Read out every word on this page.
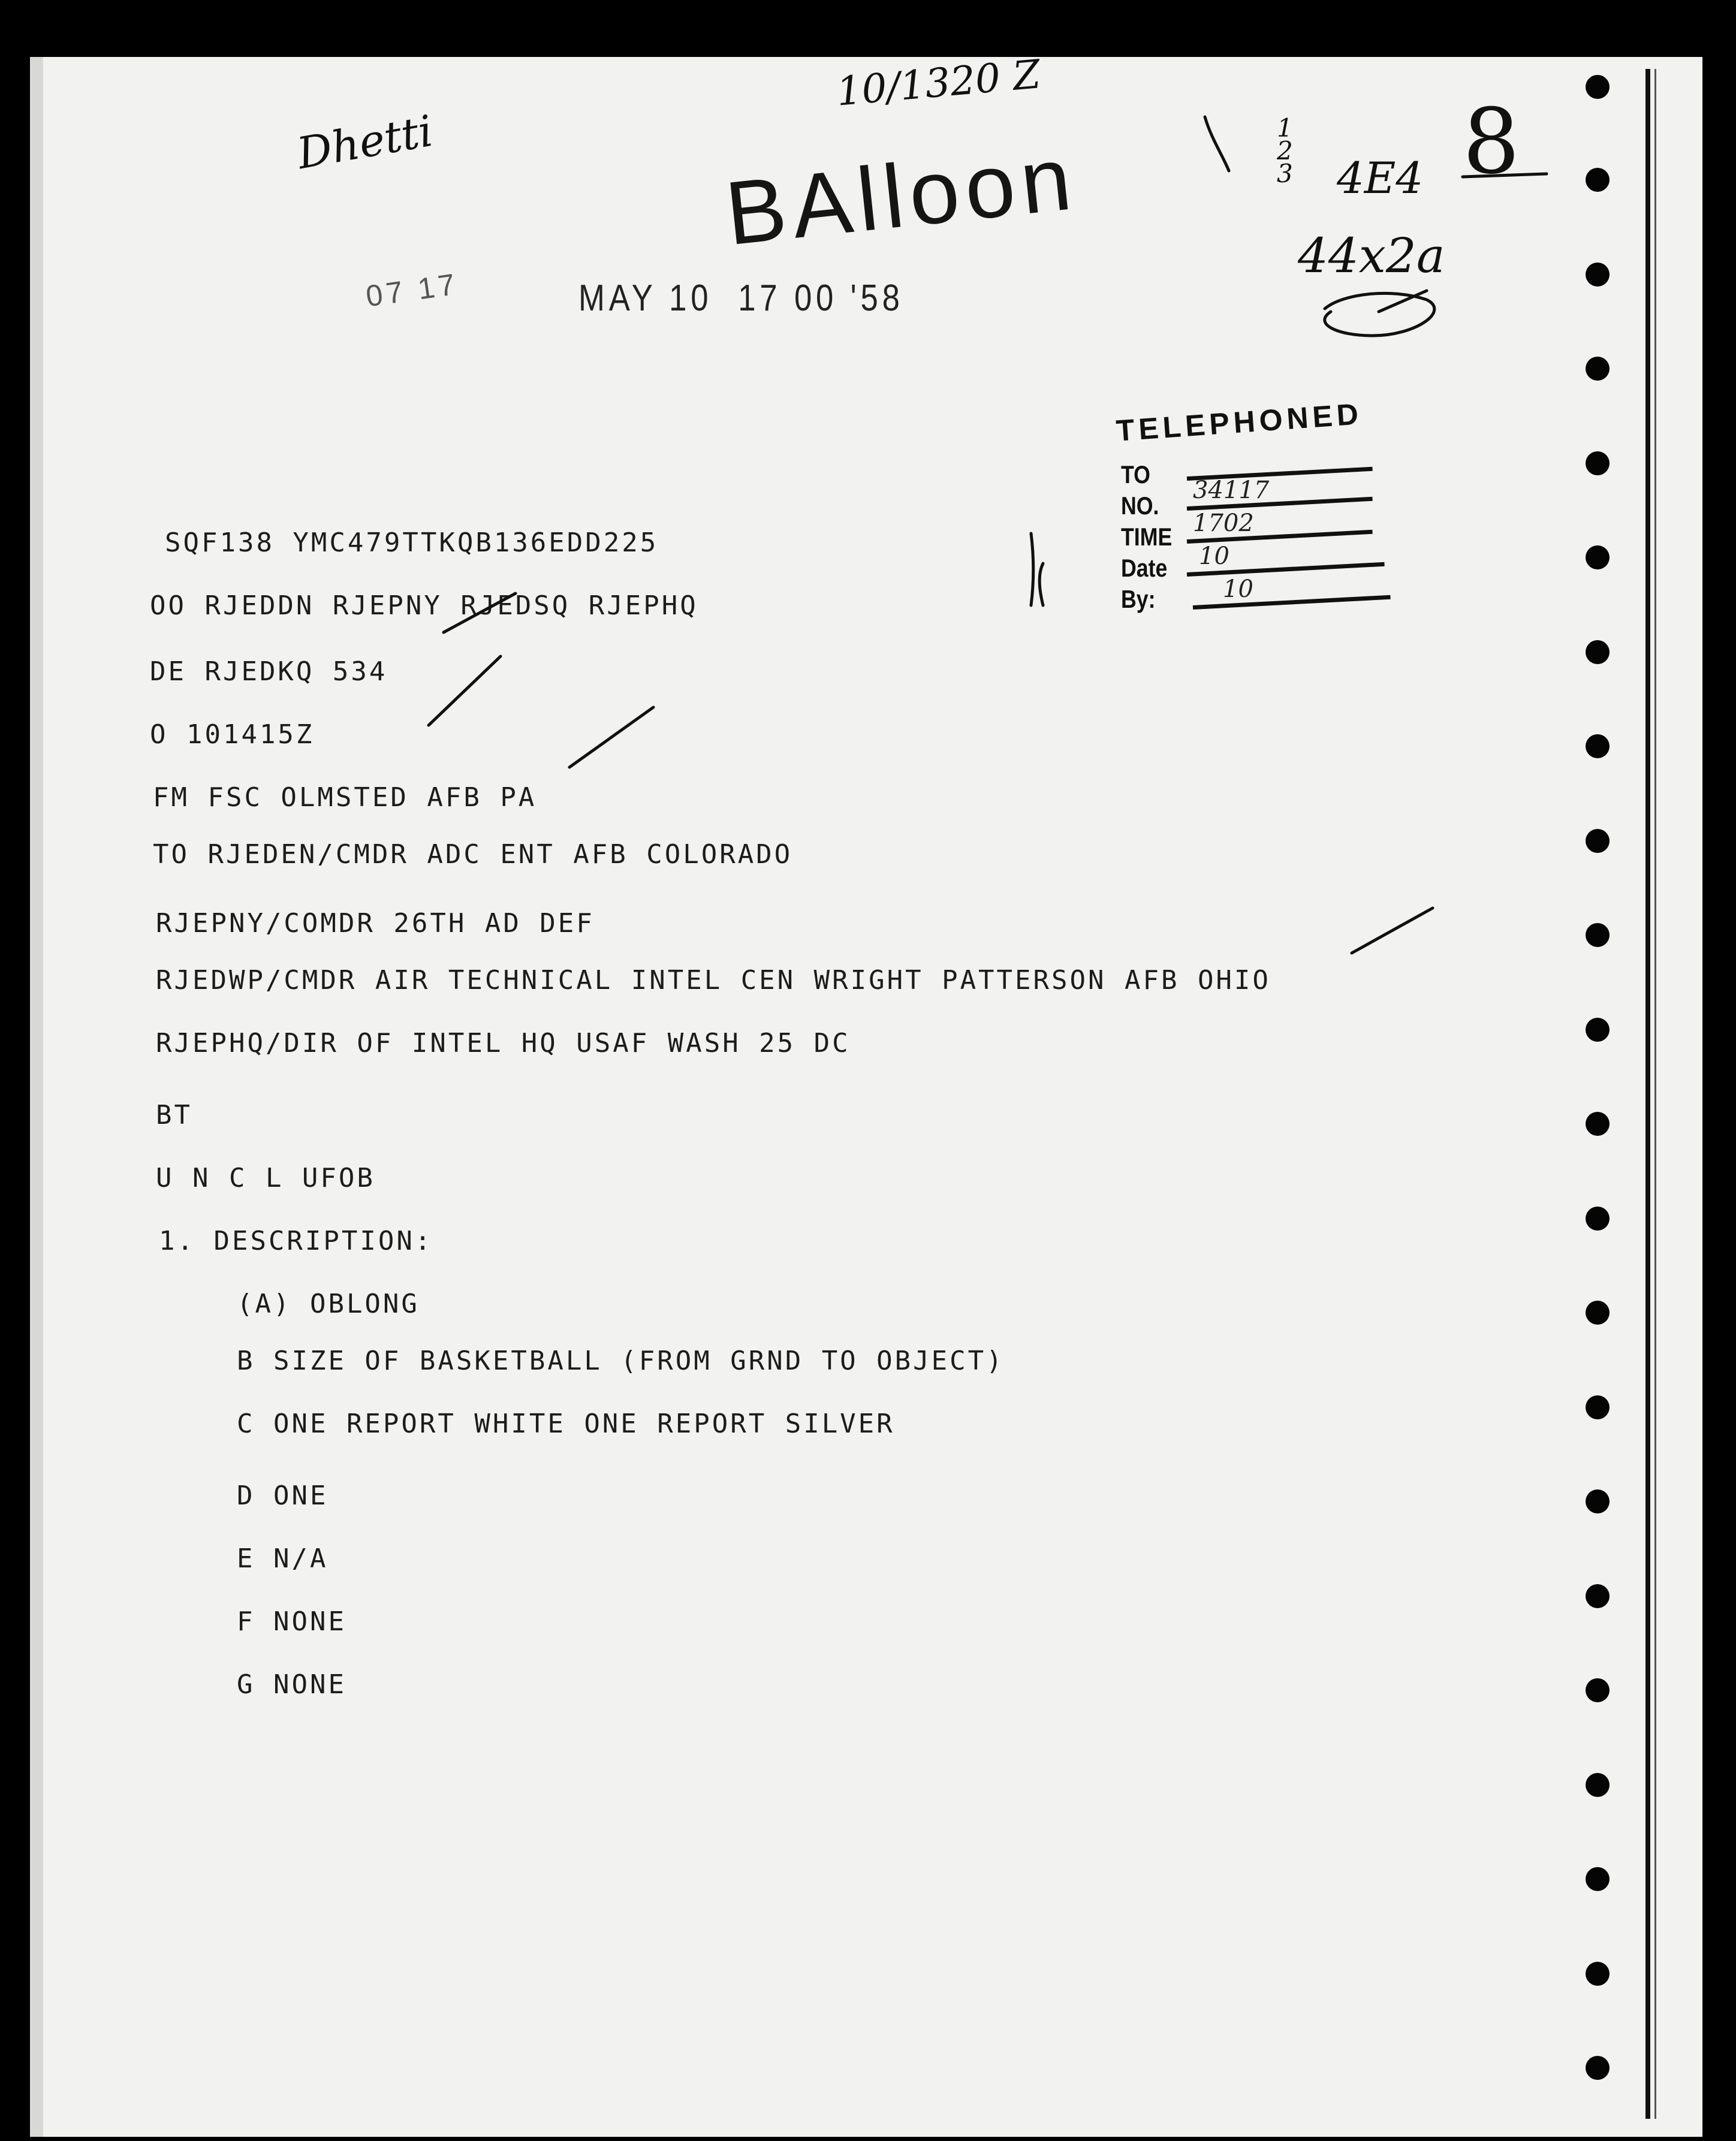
Dhetti
10/1320 Z
BAlloon	1 2 3 4E4 8
44x2a
07 17	MAY 10  17 00 '58
TELEPHONED
TO
NO.
TIME
Date
By:
34117
1702
10
10
SQF138 YMC479TTKQB136EDD225
OO RJEDDN RJEPNY RJEDSQ RJEPHQ
DE RJEDKQ 534
O 101415Z
FM FSC OLMSTED AFB PA
TO RJEDEN/CMDR ADC ENT AFB COLORADO
RJEPNY/COMDR 26TH AD DEF
RJEDWP/CMDR AIR TECHNICAL INTEL CEN WRIGHT PATTERSON AFB OHIO
RJEPHQ/DIR OF INTEL HQ USAF WASH 25 DC
BT
U N C L UFOB
1. DESCRIPTION:
(A) OBLONG
B SIZE OF BASKETBALL (FROM GRND TO OBJECT)
C ONE REPORT WHITE ONE REPORT SILVER
D ONE
E N/A
F NONE
G NONE
